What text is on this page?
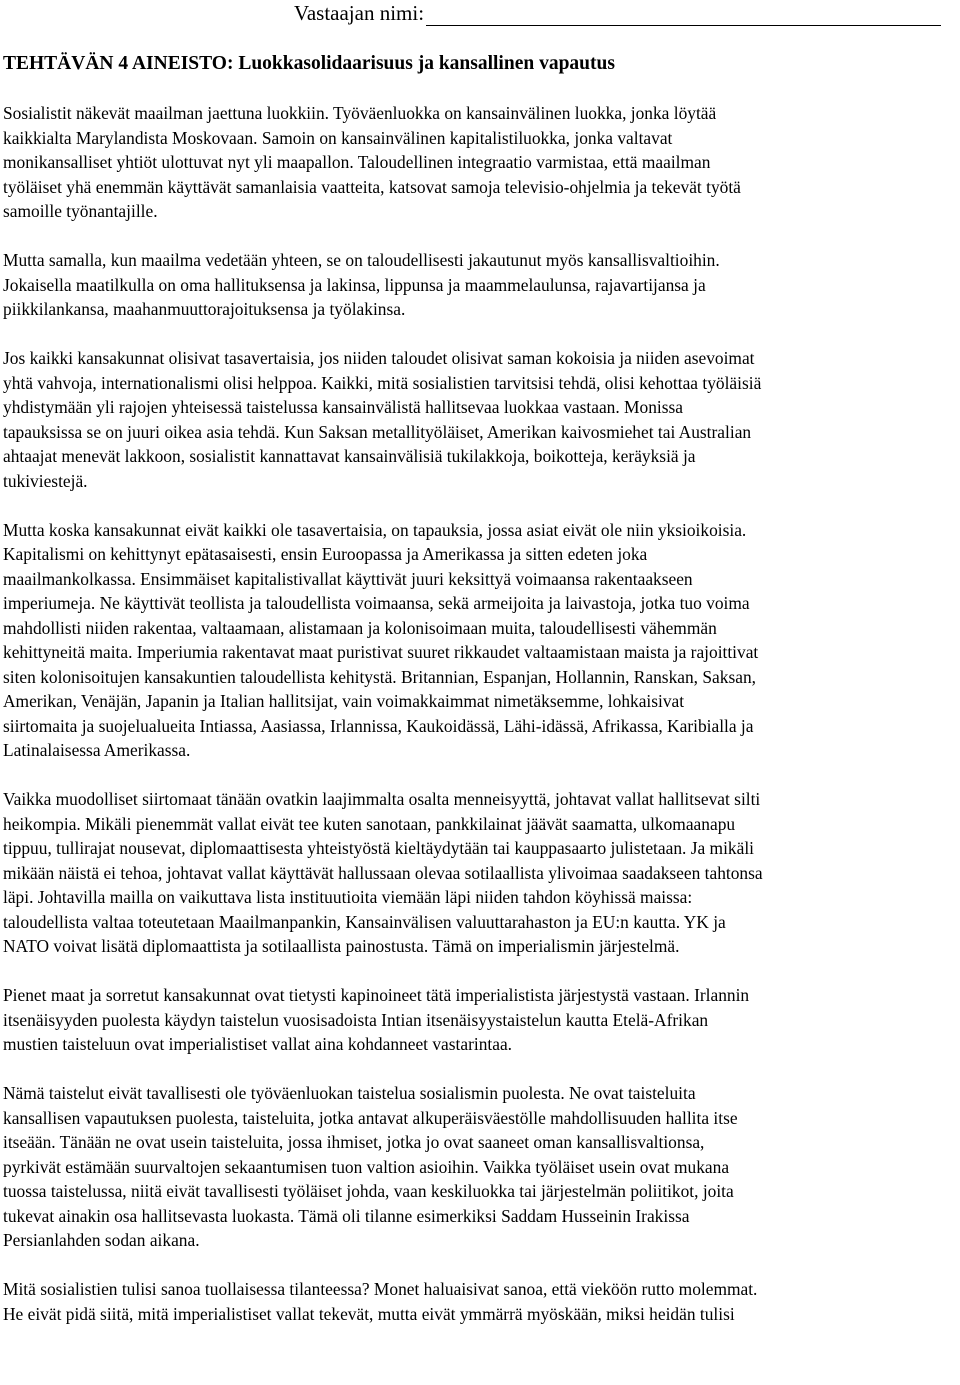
Vastaajan nimi:
TEHTÄVÄN 4 AINEISTO: Luokkasolidaarisuus ja kansallinen vapautus

Sosialistit näkevät maailman jaettuna luokkiin. Työväenluokka on kansainvälinen luokka, jonka löytää
kaikkialta Marylandista Moskovaan. Samoin on kansainvälinen kapitalistiluokka, jonka valtavat
monikansalliset yhtiöt ulottuvat nyt yli maapallon. Taloudellinen integraatio varmistaa, että maailman
työläiset yhä enemmän käyttävät samanlaisia vaatteita, katsovat samoja televisio-ohjelmia ja tekevät työtä
samoille työnantajille.

Mutta samalla, kun maailma vedetään yhteen, se on taloudellisesti jakautunut myös kansallisvaltioihin.
Jokaisella maatilkulla on oma hallituksensa ja lakinsa, lippunsa ja maammelaulunsa, rajavartijansa ja
piikkilankansa, maahanmuuttorajoituksensa ja työlakinsa.

Jos kaikki kansakunnat olisivat tasavertaisia, jos niiden taloudet olisivat saman kokoisia ja niiden asevoimat
yhtä vahvoja, internationalismi olisi helppoa. Kaikki, mitä sosialistien tarvitsisi tehdä, olisi kehottaa työläisiä
yhdistymään yli rajojen yhteisessä taistelussa kansainvälistä hallitsevaa luokkaa vastaan. Monissa
tapauksissa se on juuri oikea asia tehdä. Kun Saksan metallityöläiset, Amerikan kaivosmiehet tai Australian
ahtaajat menevät lakkoon, sosialistit kannattavat kansainvälisiä tukilakkoja, boikotteja, keräyksiä ja
tukiviestejä.

Mutta koska kansakunnat eivät kaikki ole tasavertaisia, on tapauksia, jossa asiat eivät ole niin yksioikoisia.
Kapitalismi on kehittynyt epätasaisesti, ensin Euroopassa ja Amerikassa ja sitten edeten joka
maailmankolkassa. Ensimmäiset kapitalistivallat käyttivät juuri keksittyä voimaansa rakentaakseen
imperiumeja. Ne käyttivät teollista ja taloudellista voimaansa, sekä armeijoita ja laivastoja, jotka tuo voima
mahdollisti niiden rakentaa, valtaamaan, alistamaan ja kolonisoimaan muita, taloudellisesti vähemmän
kehittyneitä maita. Imperiumia rakentavat maat puristivat suuret rikkaudet valtaamistaan maista ja rajoittivat
siten kolonisoitujen kansakuntien taloudellista kehitystä. Britannian, Espanjan, Hollannin, Ranskan, Saksan,
Amerikan, Venäjän, Japanin ja Italian hallitsijat, vain voimakkaimmat nimetäksemme, lohkaisivat
siirtomaita ja suojelualueita Intiassa, Aasiassa, Irlannissa, Kaukoidässä, Lähi-idässä, Afrikassa, Karibialla ja
Latinalaisessa Amerikassa.

Vaikka muodolliset siirtomaat tänään ovatkin laajimmalta osalta menneisyyttä, johtavat vallat hallitsevat silti
heikompia. Mikäli pienemmät vallat eivät tee kuten sanotaan, pankkilainat jäävät saamatta, ulkomaanapu
tippuu, tullirajat nousevat, diplomaattisesta yhteistyöstä kieltäydytään tai kauppasaarto julistetaan. Ja mikäli
mikään näistä ei tehoa, johtavat vallat käyttävät hallussaan olevaa sotilaallista ylivoimaa saadakseen tahtonsa
läpi. Johtavilla mailla on vaikuttava lista instituutioita viemään läpi niiden tahdon köyhissä maissa:
taloudellista valtaa toteutetaan Maailmanpankin, Kansainvälisen valuuttarahaston ja EU:n kautta. YK ja
NATO voivat lisätä diplomaattista ja sotilaallista painostusta. Tämä on imperialismin järjestelmä.

Pienet maat ja sorretut kansakunnat ovat tietysti kapinoineet tätä imperialistista järjestystä vastaan. Irlannin
itsenäisyyden puolesta käydyn taistelun vuosisadoista Intian itsenäisyystaistelun kautta Etelä-Afrikan
mustien taisteluun ovat imperialistiset vallat aina kohdanneet vastarintaa.

Nämä taistelut eivät tavallisesti ole työväenluokan taistelua sosialismin puolesta. Ne ovat taisteluita
kansallisen vapautuksen puolesta, taisteluita, jotka antavat alkuperäisväestölle mahdollisuuden hallita itse
itseään. Tänään ne ovat usein taisteluita, jossa ihmiset, jotka jo ovat saaneet oman kansallisvaltionsa,
pyrkivät estämään suurvaltojen sekaantumisen tuon valtion asioihin. Vaikka työläiset usein ovat mukana
tuossa taistelussa, niitä eivät tavallisesti työläiset johda, vaan keskiluokka tai järjestelmän poliitikot, joita
tukevat ainakin osa hallitsevasta luokasta. Tämä oli tilanne esimerkiksi Saddam Husseinin Irakissa
Persianlahden sodan aikana.

Mitä sosialistien tulisi sanoa tuollaisessa tilanteessa? Monet haluaisivat sanoa, että vieköön rutto molemmat.
He eivät pidä siitä, mitä imperialistiset vallat tekevät, mutta eivät ymmärrä myöskään, miksi heidän tulisi
